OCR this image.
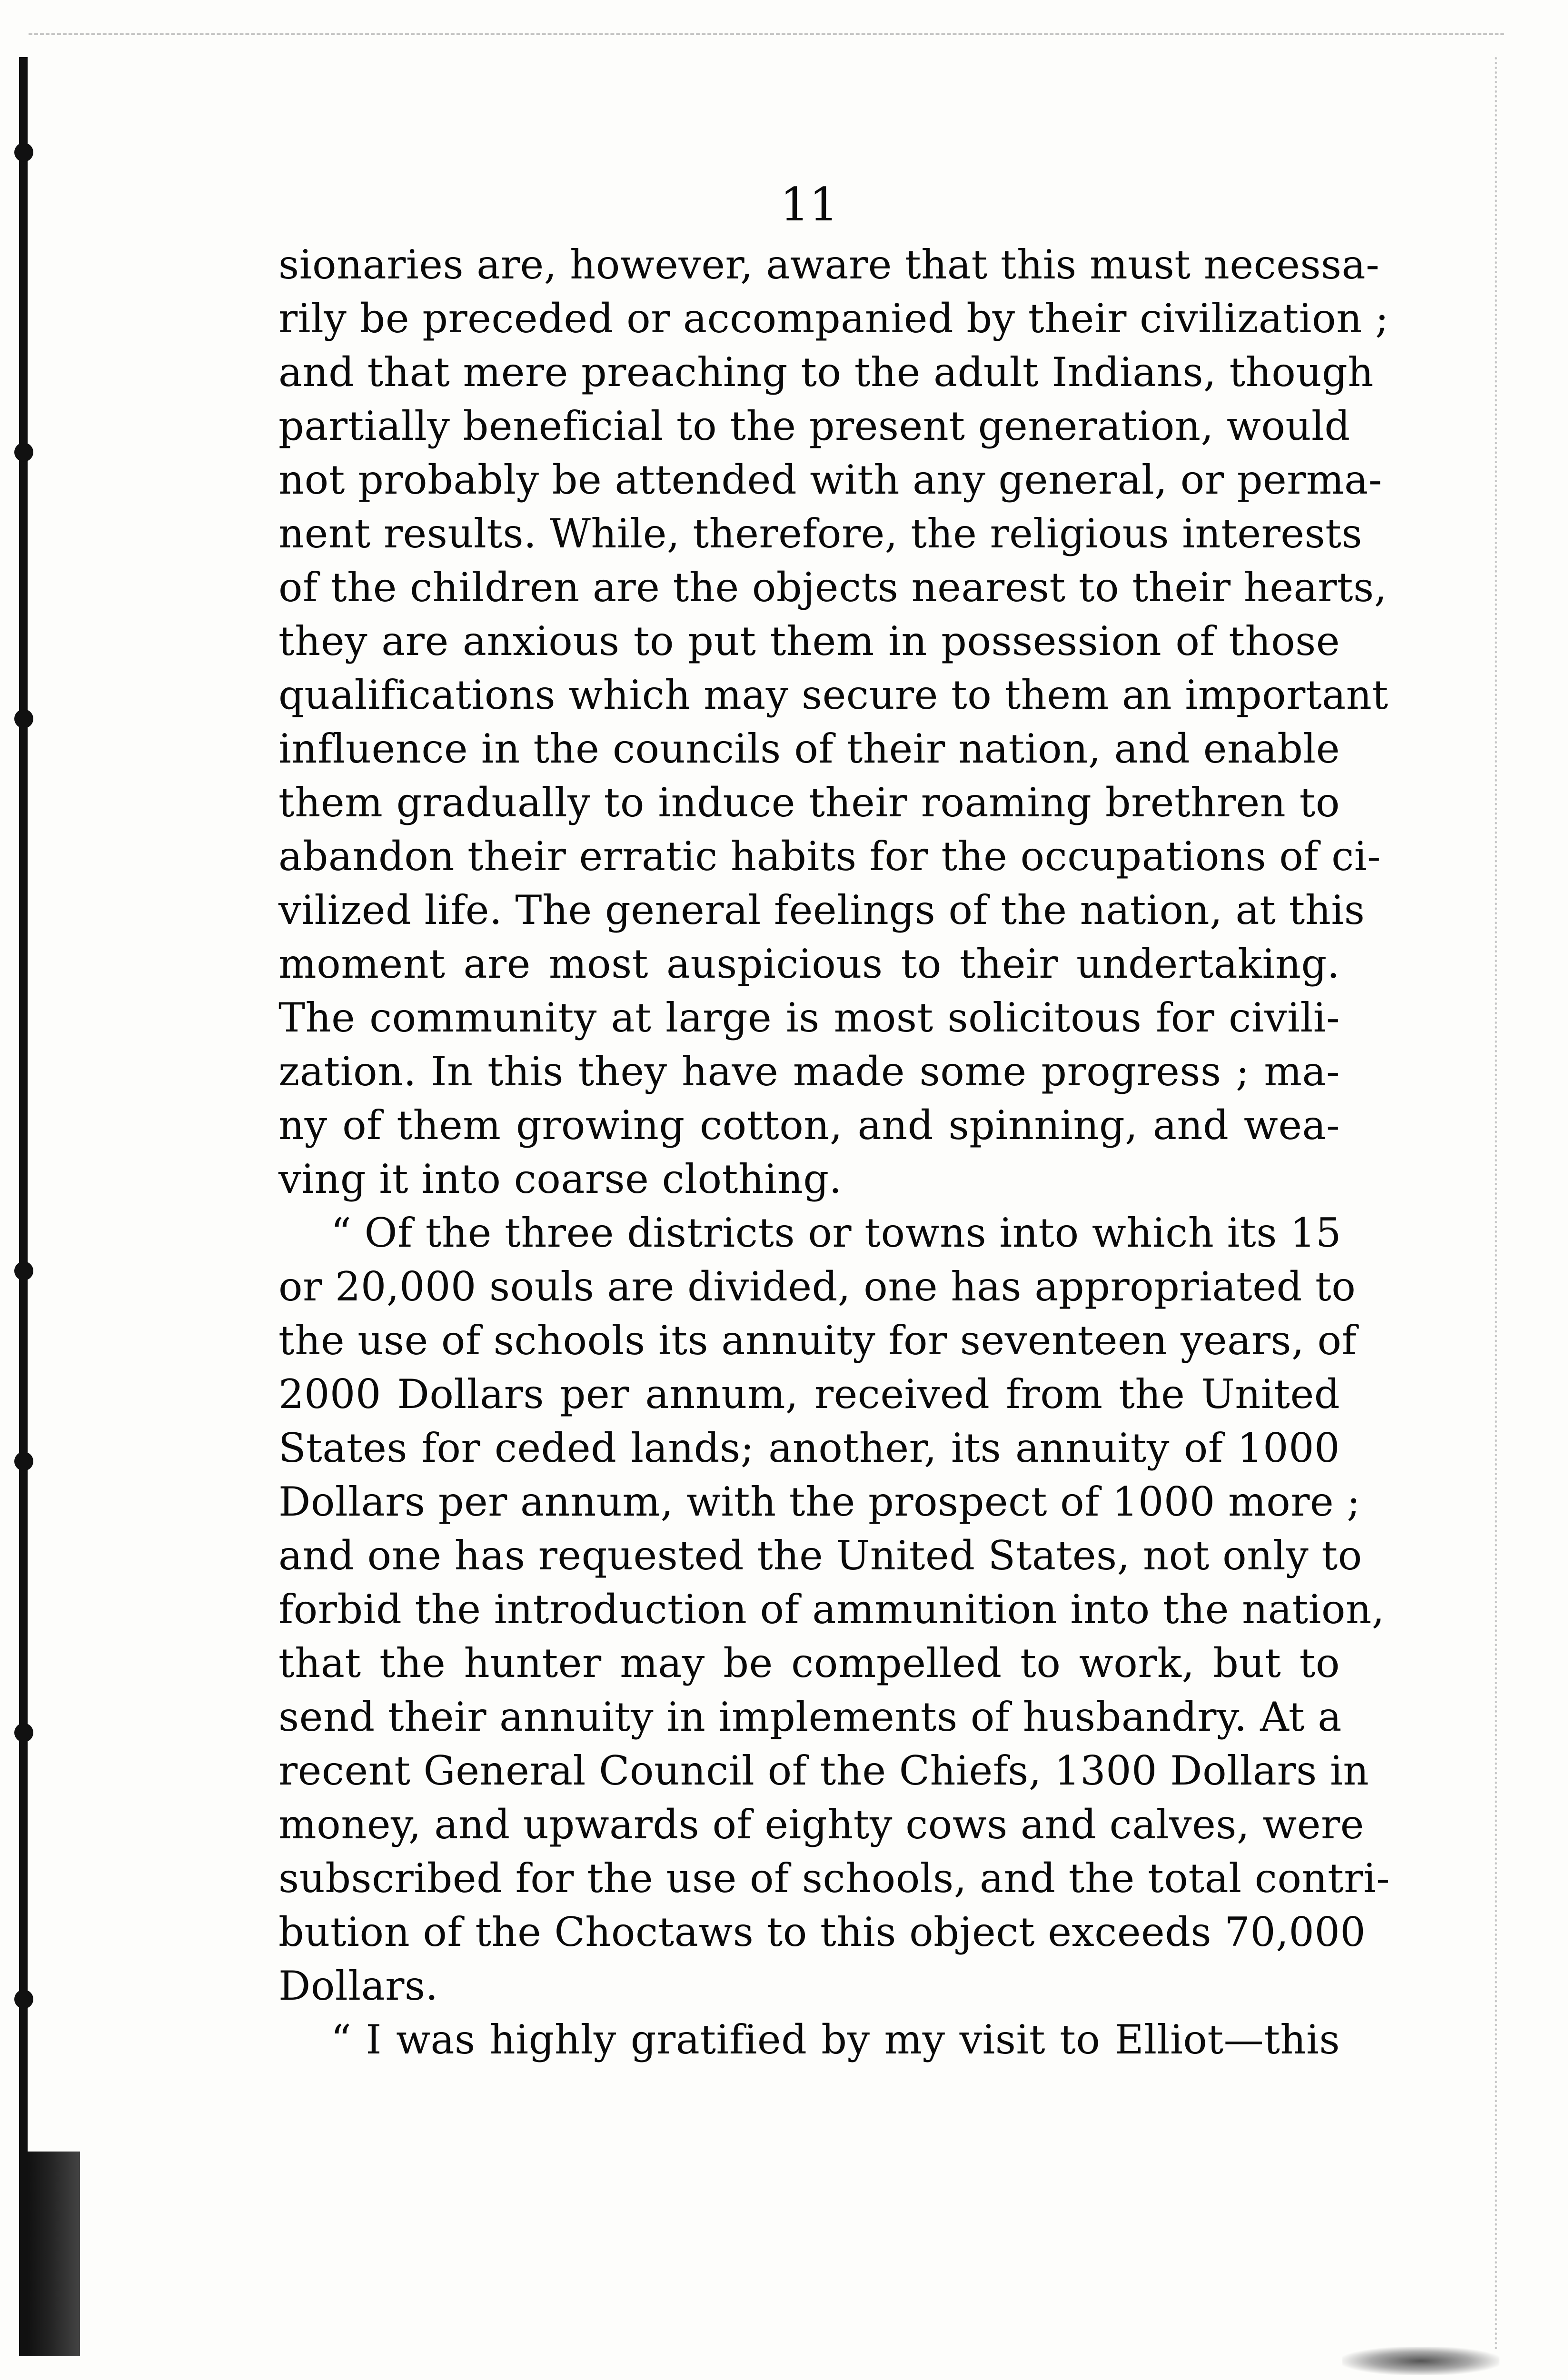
11
sionaries are, however, aware that this must necessa-
rily be preceded or accompanied by their civilization ;
and that mere preaching to the adult Indians, though
partially beneficial to the present generation, would
not probably be attended with any general, or perma-
nent results. While, therefore, the religious interests
of the children are the objects nearest to their hearts,
they are anxious to put them in possession of those
qualifications which may secure to them an important
influence in the councils of their nation, and enable
them gradually to induce their roaming brethren to
abandon their erratic habits for the occupations of ci-
vilized life. The general feelings of the nation, at this
moment are most auspicious to their undertaking.
The community at large is most solicitous for civili-
zation. In this they have made some progress ; ma-
ny of them growing cotton, and spinning, and wea-
ving it into coarse clothing.
“ Of the three districts or towns into which its 15
or 20,000 souls are divided, one has appropriated to
the use of schools its annuity for seventeen years, of
2000 Dollars per annum, received from the United
States for ceded lands; another, its annuity of 1000
Dollars per annum, with the prospect of 1000 more ;
and one has requested the United States, not only to
forbid the introduction of ammunition into the nation,
that the hunter may be compelled to work, but to
send their annuity in implements of husbandry. At a
recent General Council of the Chiefs, 1300 Dollars in
money, and upwards of eighty cows and calves, were
subscribed for the use of schools, and the total contri-
bution of the Choctaws to this object exceeds 70,000
Dollars.
“ I was highly gratified by my visit to Elliot—this
